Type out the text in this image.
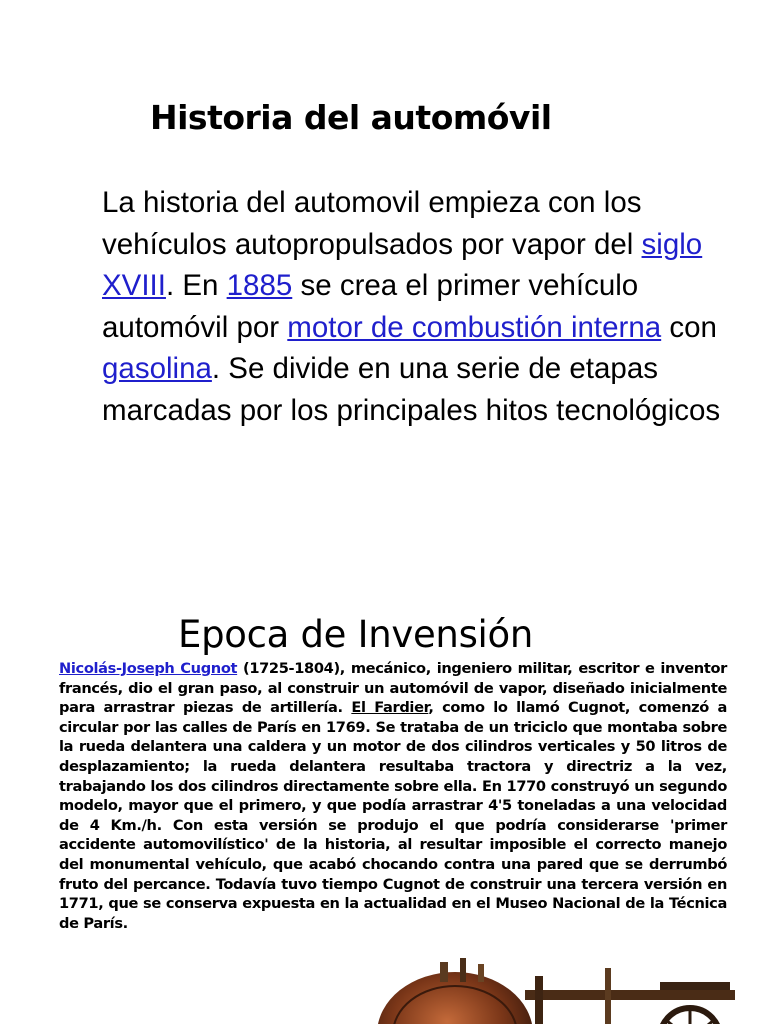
Historia del automóvil

La historia del automovil empieza con los vehículos autopropulsados por vapor del siglo XVIII. En 1885 se crea el primer vehículo automóvil por motor de combustión interna con gasolina. Se divide en una serie de etapas marcadas por los principales hitos tecnológicos

Epoca de Invensión

Nicolás-Joseph Cugnot (1725-1804), mecánico, ingeniero militar, escritor e inventor francés, dio el gran paso, al construir un automóvil de vapor, diseñado inicialmente para arrastrar piezas de artillería. El Fardier, como lo llamó Cugnot, comenzó a circular por las calles de París en 1769. Se trataba de un triciclo que montaba sobre la rueda delantera una caldera y un motor de dos cilindros verticales y 50 litros de desplazamiento; la rueda delantera resultaba tractora y directriz a la vez, trabajando los dos cilindros directamente sobre ella. En 1770 construyó un segundo modelo, mayor que el primero, y que podía arrastrar 4'5 toneladas a una velocidad de 4 Km./h. Con esta versión se produjo el que podría considerarse 'primer accidente automovilístico' de la historia, al resultar imposible el correcto manejo del monumental vehículo, que acabó chocando contra una pared que se derrumbó fruto del percance. Todavía tuvo tiempo Cugnot de construir una tercera versión en 1771, que se conserva expuesta en la actualidad en el Museo Nacional de la Técnica de París.
